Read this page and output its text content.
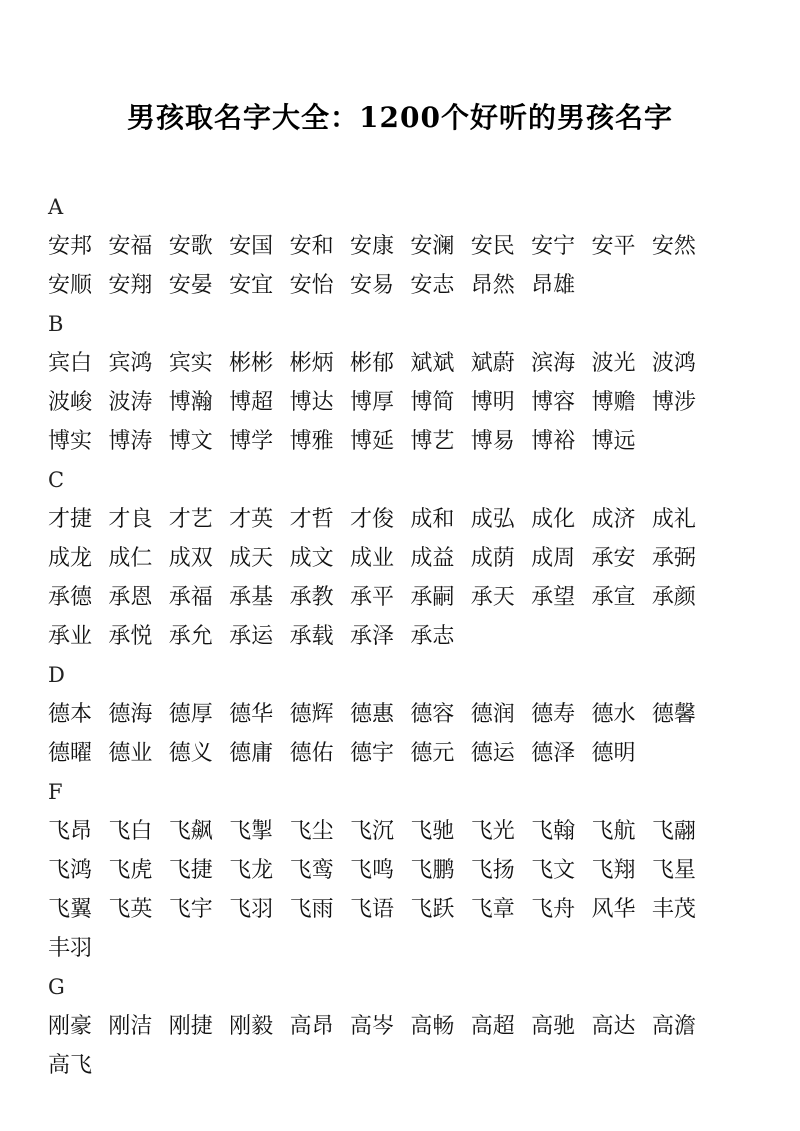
男孩取名字大全：1200个好听的男孩名字
A
安邦 安福 安歌 安国 安和 安康 安澜 安民 安宁 安平 安然
安顺 安翔 安晏 安宜 安怡 安易 安志 昂然 昂雄
B
宾白 宾鸿 宾实 彬彬 彬炳 彬郁 斌斌 斌蔚 滨海 波光 波鸿
波峻 波涛 博瀚 博超 博达 博厚 博简 博明 博容 博赡 博涉
博实 博涛 博文 博学 博雅 博延 博艺 博易 博裕 博远
C
才捷 才良 才艺 才英 才哲 才俊 成和 成弘 成化 成济 成礼
成龙 成仁 成双 成天 成文 成业 成益 成荫 成周 承安 承弼
承德 承恩 承福 承基 承教 承平 承嗣 承天 承望 承宣 承颜
承业 承悦 承允 承运 承载 承泽 承志
D
德本 德海 德厚 德华 德辉 德惠 德容 德润 德寿 德水 德馨
德曜 德业 德义 德庸 德佑 德宇 德元 德运 德泽 德明
F
飞昂 飞白 飞飙 飞掣 飞尘 飞沉 飞驰 飞光 飞翰 飞航 飞翮
飞鸿 飞虎 飞捷 飞龙 飞鸾 飞鸣 飞鹏 飞扬 飞文 飞翔 飞星
飞翼 飞英 飞宇 飞羽 飞雨 飞语 飞跃 飞章 飞舟 风华 丰茂
丰羽
G
刚豪 刚洁 刚捷 刚毅 高昂 高岑 高畅 高超 高驰 高达 高澹
高飞
